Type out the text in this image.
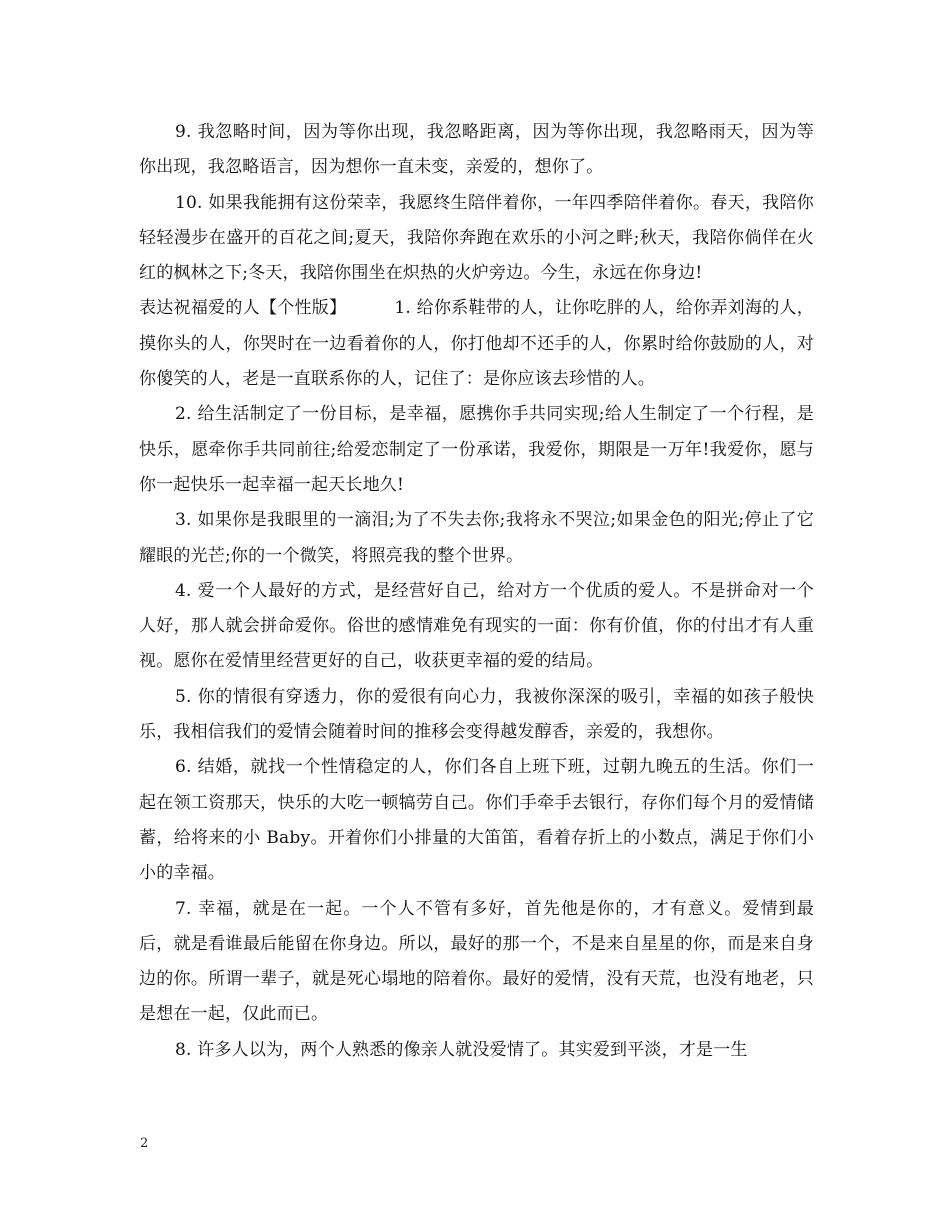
9. 我忽略时间，因为等你出现，我忽略距离，因为等你出现，我忽略雨天，因为等你出现，我忽略语言，因为想你一直未变，亲爱的，想你了。

10. 如果我能拥有这份荣幸，我愿终生陪伴着你，一年四季陪伴着你。春天，我陪你轻轻漫步在盛开的百花之间;夏天，我陪你奔跑在欢乐的小河之畔;秋天，我陪你倘佯在火红的枫林之下;冬天，我陪你围坐在炽热的火炉旁边。今生，永远在你身边!

表达祝福爱的人【个性版】	1. 给你系鞋带的人，让你吃胖的人，给你弄刘海的人，摸你头的人，你哭时在一边看着你的人，你打他却不还手的人，你累时给你鼓励的人，对你傻笑的人，老是一直联系你的人，记住了：是你应该去珍惜的人。

2. 给生活制定了一份目标，是幸福，愿携你手共同实现;给人生制定了一个行程，是快乐，愿牵你手共同前往;给爱恋制定了一份承诺，我爱你，期限是一万年!我爱你，愿与你一起快乐一起幸福一起天长地久!

3. 如果你是我眼里的一滴泪;为了不失去你;我将永不哭泣;如果金色的阳光;停止了它耀眼的光芒;你的一个微笑，将照亮我的整个世界。

4. 爱一个人最好的方式，是经营好自己，给对方一个优质的爱人。不是拼命对一个人好，那人就会拼命爱你。俗世的感情难免有现实的一面：你有价值，你的付出才有人重视。愿你在爱情里经营更好的自己，收获更幸福的爱的结局。

5. 你的情很有穿透力，你的爱很有向心力，我被你深深的吸引，幸福的如孩子般快乐，我相信我们的爱情会随着时间的推移会变得越发醇香，亲爱的，我想你。

6. 结婚，就找一个性情稳定的人，你们各自上班下班，过朝九晚五的生活。你们一起在领工资那天，快乐的大吃一顿犒劳自己。你们手牵手去银行，存你们每个月的爱情储蓄，给将来的小 Baby。开着你们小排量的大笛笛，看着存折上的小数点，满足于你们小小的幸福。

7. 幸福，就是在一起。一个人不管有多好，首先他是你的，才有意义。爱情到最后，就是看谁最后能留在你身边。所以，最好的那一个，不是来自星星的你，而是来自身边的你。所谓一辈子，就是死心塌地的陪着你。最好的爱情，没有天荒，也没有地老，只是想在一起，仅此而已。

8. 许多人以为，两个人熟悉的像亲人就没爱情了。其实爱到平淡，才是一生

2
